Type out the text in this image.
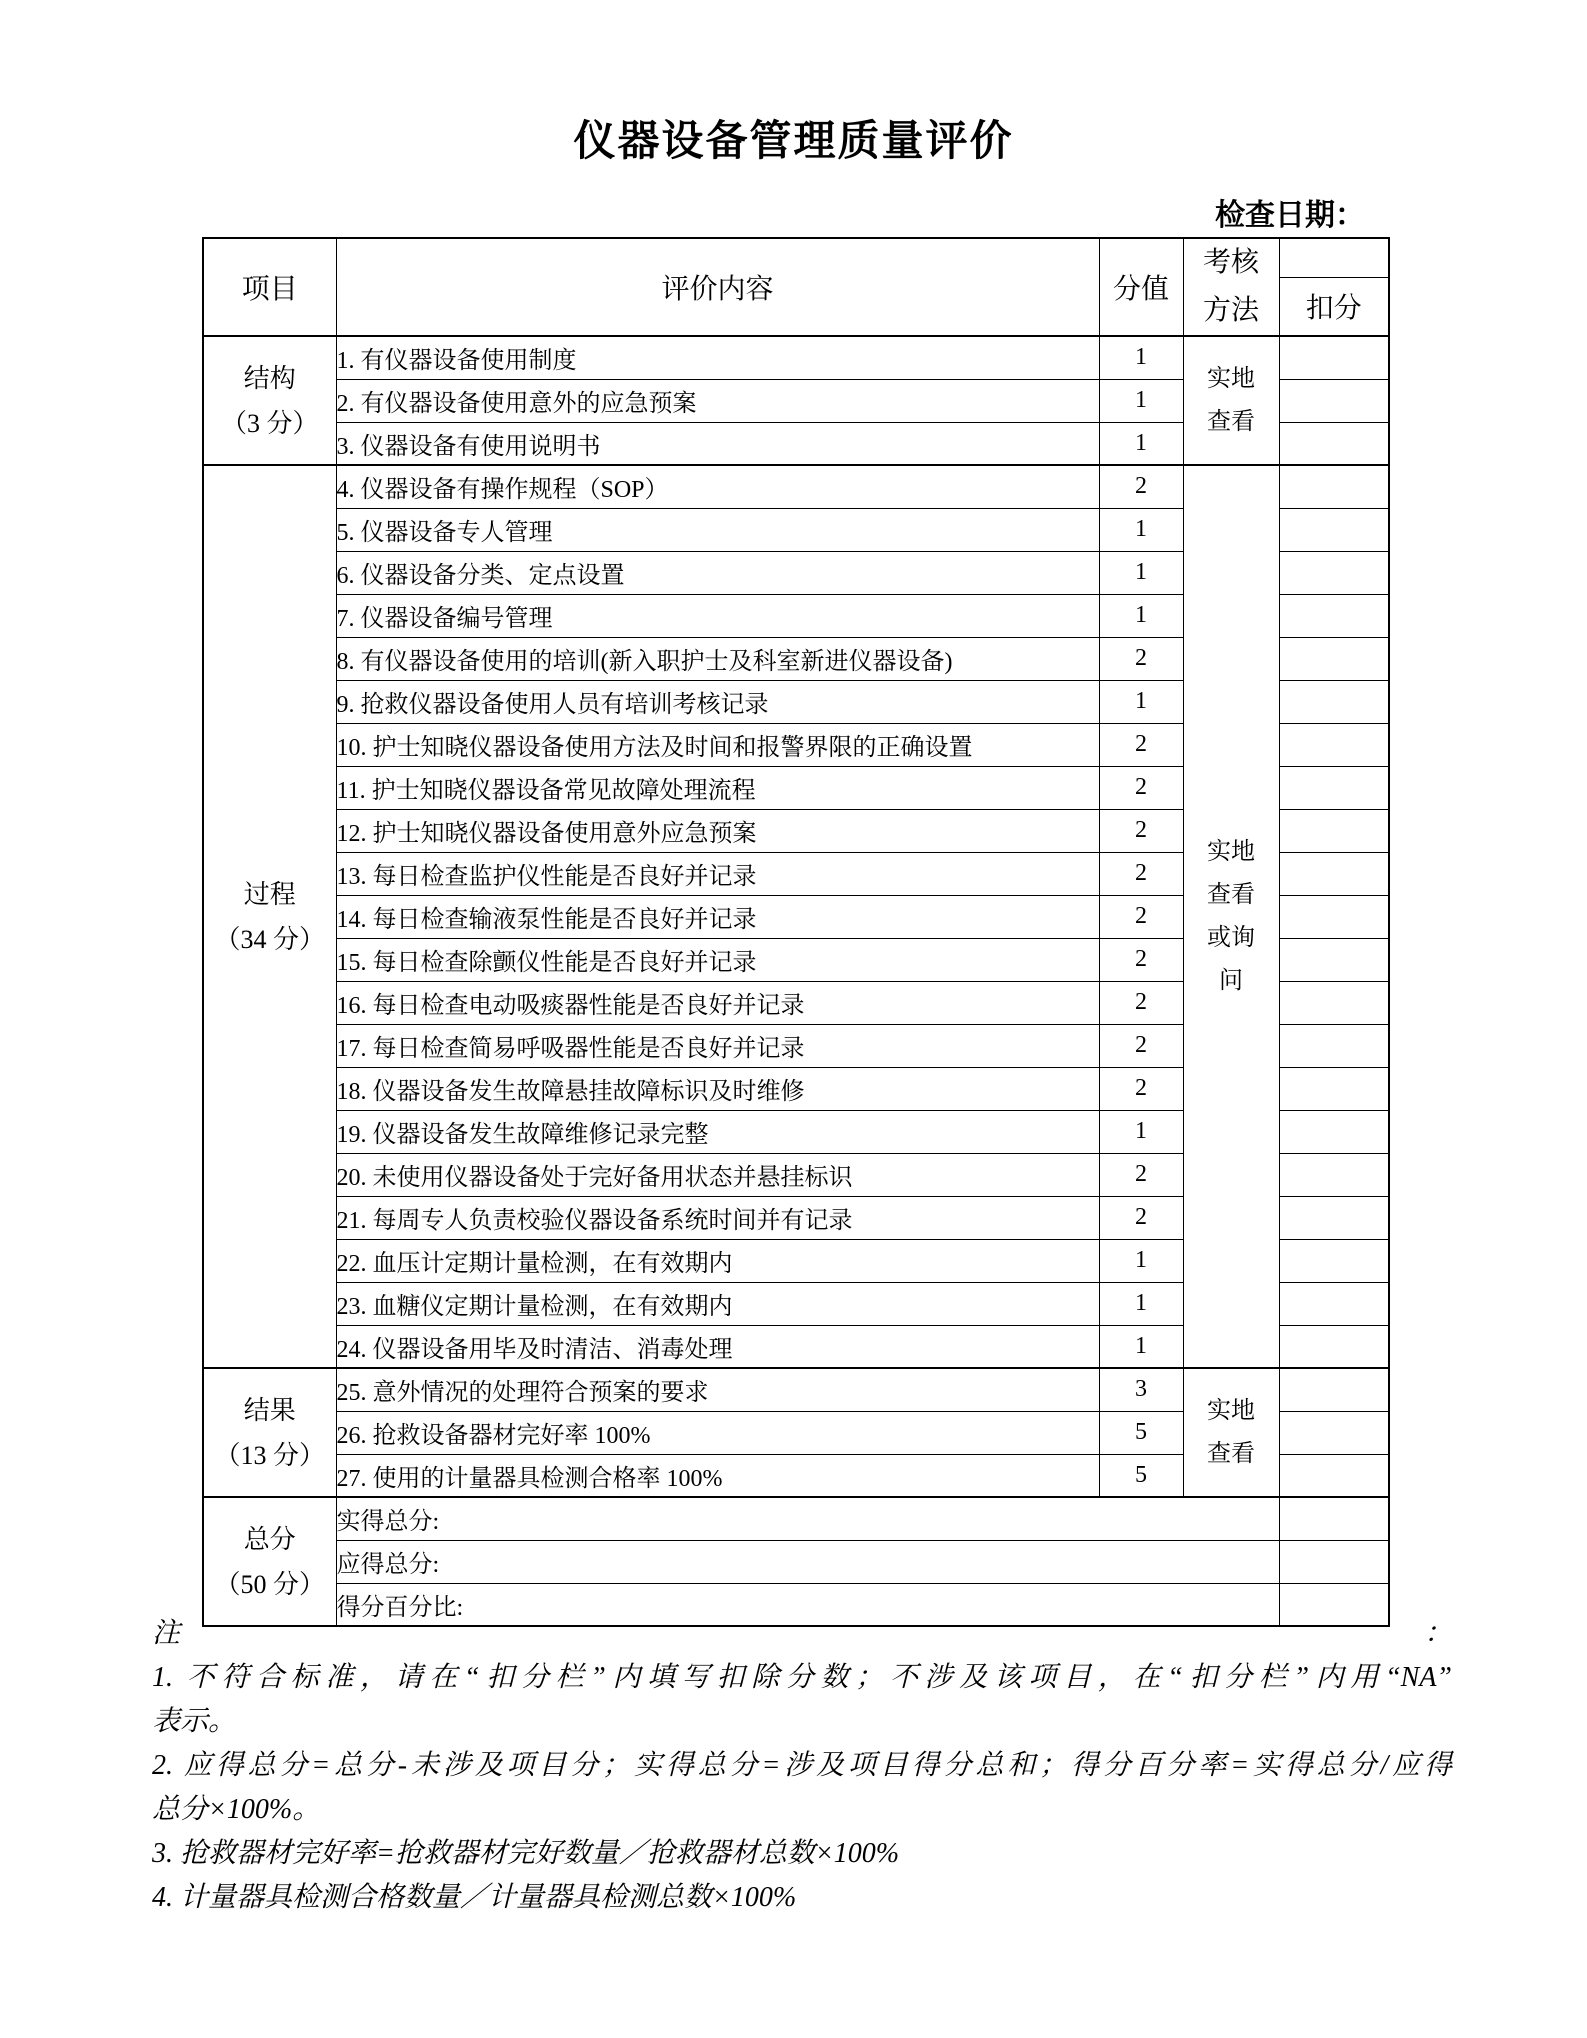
仪器设备管理质量评价
检查日期：
项目	评价内容	分值	考核方法	
				扣分

结构
（3 分）	1. 有仪器设备使用制度	1	实地查看	
	2. 有仪器设备使用意外的应急预案	1		
	3. 仪器设备有使用说明书	1		

过程
（34 分）	4. 仪器设备有操作规程（SOP）	2	实地查看或询问	
	5. 仪器设备专人管理	1		
	6. 仪器设备分类、定点设置	1		
	7. 仪器设备编号管理	1		
	8. 有仪器设备使用的培训(新入职护士及科室新进仪器设备)	2		
	9. 抢救仪器设备使用人员有培训考核记录	1		
	10. 护士知晓仪器设备使用方法及时间和报警界限的正确设置	2		
	11. 护士知晓仪器设备常见故障处理流程	2		
	12. 护士知晓仪器设备使用意外应急预案	2		
	13. 每日检查监护仪性能是否良好并记录	2		
	14. 每日检查输液泵性能是否良好并记录	2		
	15. 每日检查除颤仪性能是否良好并记录	2		
	16. 每日检查电动吸痰器性能是否良好并记录	2		
	17. 每日检查简易呼吸器性能是否良好并记录	2		
	18. 仪器设备发生故障悬挂故障标识及时维修	2		
	19. 仪器设备发生故障维修记录完整	1		
	20. 未使用仪器设备处于完好备用状态并悬挂标识	2		
	21. 每周专人负责校验仪器设备系统时间并有记录	2		
	22. 血压计定期计量检测，在有效期内	1		
	23. 血糖仪定期计量检测，在有效期内	1		
	24. 仪器设备用毕及时清洁、消毒处理	1		

结果
（13 分）	25. 意外情况的处理符合预案的要求	3	实地查看	
	26. 抢救设备器材完好率 100%	5		
	27. 使用的计量器具检测合格率 100%	5		

总分
（50 分）	实得总分:			
	应得总分:			
	得分百分比:			
注	：
1. 不符合标准，请在“扣分栏”内填写扣除分数；不涉及该项目，在“扣分栏”内用“NA”
表示。
2. 应得总分=总分-未涉及项目分；实得总分=涉及项目得分总和；得分百分率=实得总分/应得
总分×100%。
3. 抢救器材完好率=抢救器材完好数量／抢救器材总数×100%
4. 计量器具检测合格数量／计量器具检测总数×100%
